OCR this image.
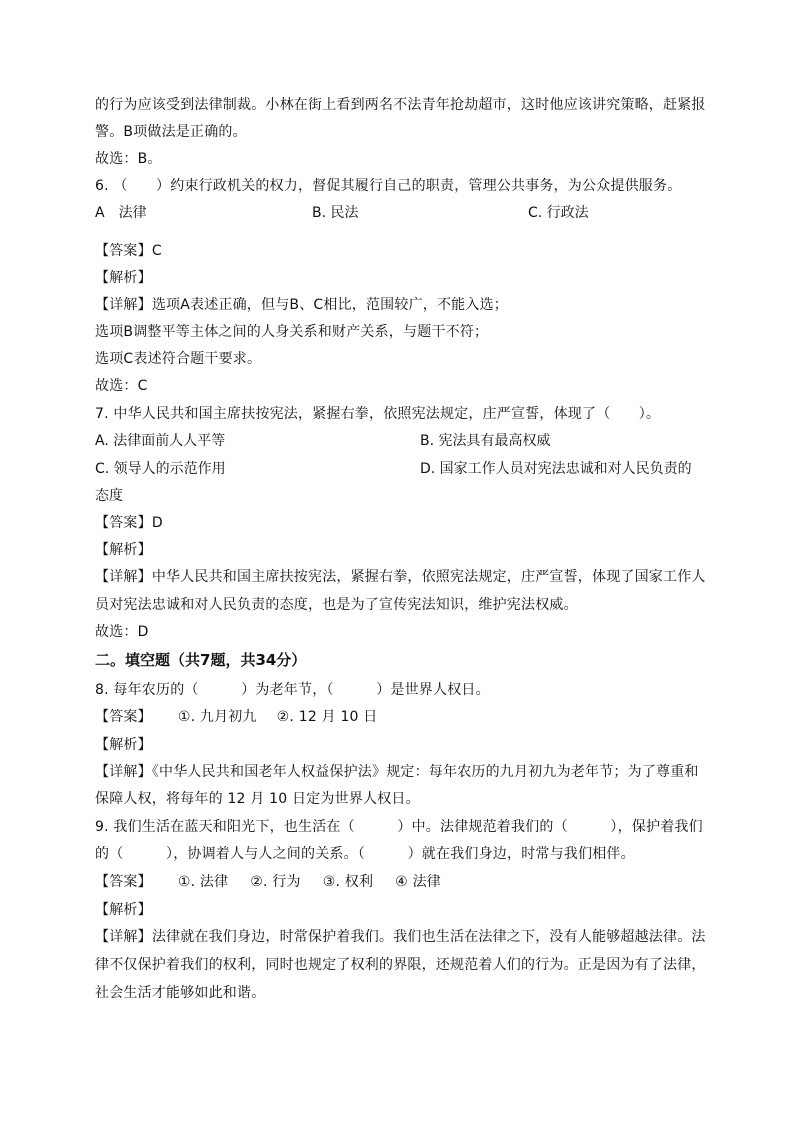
的行为应该受到法律制裁。小林在街上看到两名不法青年抢劫超市，这时他应该讲究策略，赶紧报
警。B项做法是正确的。
故选：B。
6. （　　）约束行政机关的权力，督促其履行自己的职责，管理公共事务，为公众提供服务。
A　法律	B. 民法	C. 行政法
【答案】C
【解析】
【详解】选项A表述正确，但与B、C相比，范围较广，不能入选；
选项B调整平等主体之间的人身关系和财产关系，与题干不符；
选项C表述符合题干要求。
故选：C
7. 中华人民共和国主席扶按宪法，紧握右拳，依照宪法规定，庄严宣誓，体现了（　　）。
A. 法律面前人人平等	B. 宪法具有最高权威
C. 领导人的示范作用	D. 国家工作人员对宪法忠诚和对人民负责的
态度
【答案】D
【解析】
【详解】中华人民共和国主席扶按宪法，紧握右拳，依照宪法规定，庄严宣誓，体现了国家工作人
员对宪法忠诚和对人民负责的态度，也是为了宣传宪法知识，维护宪法权威。
故选：D
二。填空题（共7题，共34分）
8. 每年农历的（　　　）为老年节，（　　　）是世界人权日。
【答案】 ①. 九月初九 ②. 12 月 10 日
【解析】
【详解】《中华人民共和国老年人权益保护法》规定：每年农历的九月初九为老年节；为了尊重和
保障人权，将每年的 12 月 10 日定为世界人权日。
9. 我们生活在蓝天和阳光下，也生活在（　　　）中。法律规范着我们的（　　　），保护着我们
的（　　　），协调着人与人之间的关系。（　　　）就在我们身边，时常与我们相伴。
【答案】 ①. 法律 ②. 行为 ③. 权利 ④ 法律
【解析】
【详解】法律就在我们身边，时常保护着我们。我们也生活在法律之下，没有人能够超越法律。法
律不仅保护着我们的权利，同时也规定了权利的界限，还规范着人们的行为。正是因为有了法律，
社会生活才能够如此和谐。
